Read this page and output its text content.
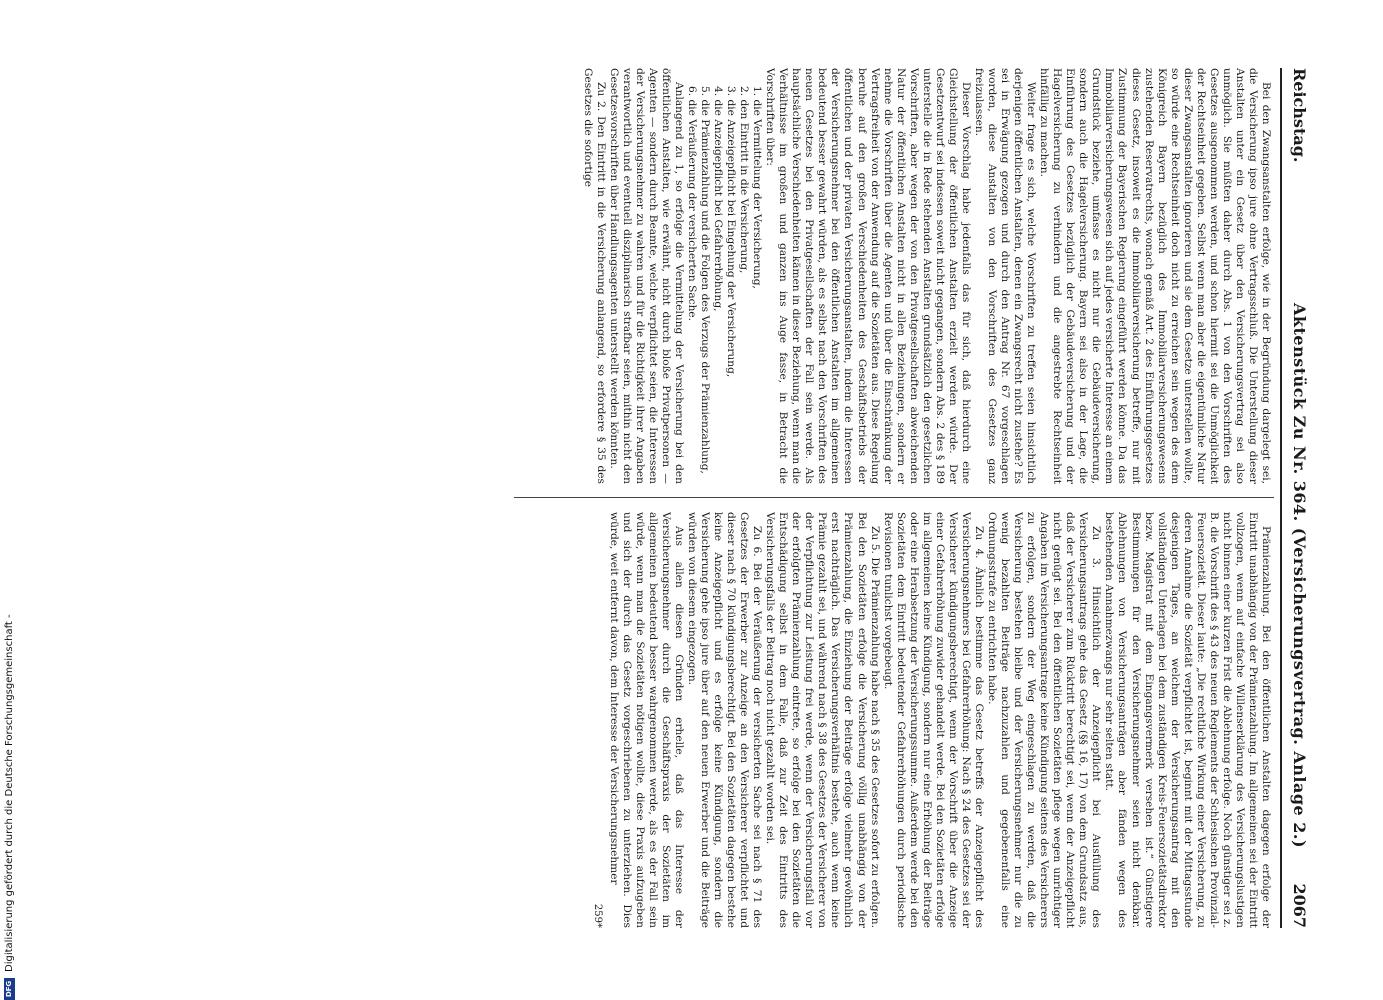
Reichstag.
Aktenstück Zu Nr. 364. (Versicherungsvertrag. Anlage 2.)
2067

Bei den Zwangsanstalten erfolge, wie in der Begründung dargelegt sei, die Versicherung ipso jure ohne Vertragsschluß. Die Unterstellung dieser Anstalten unter ein Gesetz über den Versicherungsvertrag sei also unmöglich. Sie müßten daher durch Abs. 1 von den Vorschriften des Gesetzes ausgenommen werden, und schon hiermit sei die Unmöglichkeit der Rechtseinheit gegeben. Selbst wenn man aber die eigentümliche Natur dieser Zwangsanstalten ignorieren und sie dem Gesetze unterstellen wollte, so würde eine Rechtseinheit doch nicht zu erreichen sein wegen des dem Königreich Bayern bezüglich des Immobiliarversicherungswesens zustehenden Reservatrechts, wonach gemäß Art. 2 des Einführungsgesetzes dieses Gesetz, insoweit es die Immobiliarversicherung betreffe, nur mit Zustimmung der Bayerischen Regierung eingeführt werden könne. Da das Immobiliarversicherungswesen sich auf jedes versicherte Interesse an einem Grundstück beziehe, umfasse es nicht nur die Gebäudeversicherung, sondern auch die Hagelversicherung. Bayern sei also in der Lage, die Einführung des Gesetzes bezüglich der Gebäudeversicherung und der Hagelversicherung zu verhindern und die angestrebte Rechtseinheit hinfällig zu machen.

Weiter frage es sich, welche Vorschriften zu treffen seien hinsichtlich derjenigen öffentlichen Anstalten, denen ein Zwangsrecht nicht zustehe? Es sei in Erwägung gezogen und durch den Antrag Nr. 67 vorgeschlagen worden, diese Anstalten von den Vorschriften des Gesetzes ganz freizulassen.

Dieser Vorschlag habe jedenfalls das für sich, daß hierdurch eine Gleichstellung der öffentlichen Anstalten erzielt werden würde. Der Gesetzentwurf sei indessen soweit nicht gegangen, sondern Abs. 2 des § 189 unterstelle die in Rede stehenden Anstalten grundsätzlich den gesetzlichen Vorschriften, aber wegen der von den Privatgesellschaften abweichenden Natur der öffentlichen Anstalten nicht in allen Beziehungen, sondern er nehme die Vorschriften über die Agenten und über die Einschränkung der Vertragsfreiheit von der Anwendung auf die Sozietäten aus. Diese Regelung beruhe auf den großen Verschiedenheiten des Geschäftsbetriebs der öffentlichen und der privaten Versicherungsanstalten, indem die Interessen der Versicherungsnehmer bei den öffentlichen Anstalten im allgemeinen bedeutend besser gewahrt würden, als es selbst nach den Vorschriften des neuen Gesetzes bei den Privatgesellschaften der Fall sein werde. Als hauptsächliche Verschiedenheiten kämen in dieser Beziehung, wenn man die Verhältnisse im großen und ganzen ins Auge fasse, in Betracht die Vorschriften über:

1. die Vermittelung der Versicherung,

2. den Eintritt in die Versicherung,

3. die Anzeigepflicht bei Eingehung der Versicherung,

4. die Anzeigepflicht bei Gefahrerhöhung,

5. die Prämienzahlung und die Folgen des Verzugs der Prämienzahlung,

6. die Veräußerung der versicherten Sache.

Anlangend zu 1, so erfolge die Vermittelung der Versicherung bei den öffentlichen Anstalten, wie erwähnt, nicht durch bloße Privatpersonen — Agenten — sondern durch Beamte, welche verpflichtet seien, die Interessen der Versicherungsnehmer zu wahren und für die Richtigkeit ihrer Angaben verantwortlich und eventuell disziplinarisch strafbar seien, mithin nicht den Gesetzesvorschriften über Handlungsagenten unterstellt werden könnten.

Zu 2. Den Eintritt in die Versicherung anlangend, so erfordere § 35 des Gesetzes die sofortige

Prämienzahlung. Bei den öffentlichen Anstalten dagegen erfolge der Eintritt unabhängig von der Prämienzahlung. Im allgemeinen sei der Eintritt vollzogen, wenn auf einfache Willenserklärung des Versicherungslustigen nicht binnen einer kurzen Frist die Ablehnung erfolge. Noch günstiger sei z. B. die Vorschrift des § 43 des neuen Reglements der Schlesischen Provinzial-Feuersozietät. Dieser laute: „Die rechtliche Wirkung einer Versicherung, zu deren Annahme die Sozietät verpflichtet ist, beginnt mit der Mittagsstunde desjenigen Tages, an welchem der Versicherungsantrag mit den vollständigen Unterlagen bei dem zuständigen Kreis-Feuersozietätsdirektor bezw. Magistrat mit dem Eingangsvermerk versehen ist.“ Günstigere Bestimmungen für den Versicherungsnehmer seien nicht denkbar. Ablehnungen von Versicherungsanträgen aber fänden wegen des bestehenden Annahmezwangs nur sehr selten statt.

Zu 3. Hinsichtlich der Anzeigepflicht bei Ausfüllung des Versicherungsantrags gehe das Gesetz (§§ 16, 17) von dem Grundsatz aus, daß der Versicherer zum Rücktritt berechtigt sei, wenn der Anzeigepflicht nicht genügt sei. Bei den öffentlichen Sozietäten pflege wegen unrichtiger Angaben im Versicherungsantrage keine Kündigung seitens des Versicherers zu erfolgen, sondern der Weg eingeschlagen zu werden, daß die Versicherung bestehen bleibe und der Versicherungsnehmer nur die zu wenig bezahlten Beiträge nachzuzahlen und gegebenenfalls eine Ordnungsstrafe zu entrichten habe.

Zu 4. Ähnlich bestimme das Gesetz betreffs der Anzeigepflicht des Versicherungsnehmers bei Gefahrerhöhung: Nach § 24 des Gesetzes sei der Versicherer kündigungsberechtigt, wenn der Vorschrift über die Anzeige einer Gefahrerhöhung zuwider gehandelt werde. Bei den Sozietäten erfolge im allgemeinen keine Kündigung, sondern nur eine Erhöhung der Beiträge oder eine Herabsetzung der Versicherungssumme. Außerdem werde bei den Sozietäten dem Eintritt bedeutender Gefahrerhöhungen durch periodische Revisionen tunlichst vorgebeugt.

Zu 5. Die Prämienzahlung habe nach § 35 des Gesetzes sofort zu erfolgen. Bei den Sozietäten erfolge die Versicherung völlig unabhängig von der Prämienzahlung, die Einziehung der Beiträge erfolge vielmehr gewöhnlich erst nachträglich. Das Versicherungsverhältnis bestehe, auch wenn keine Prämie gezahlt sei, und während nach § 38 des Gesetzes der Versicherer von der Verpflichtung zur Leistung frei werde, wenn der Versicherungsfall vor der erfolgten Prämienzahlung eintrete, so erfolge bei den Sozietäten die Entschädigung selbst in dem Falle, daß zur Zeit des Eintritts des Versicherungsfalls der Beitrag noch nicht gezahlt worden sei.

Zu 6. Bei der Veräußerung der versicherten Sache sei nach § 71 des Gesetzes der Erwerber zur Anzeige an den Versicherer verpflichtet und dieser nach § 70 kündigungsberechtigt. Bei den Sozietäten dagegen bestehe keine Anzeigepflicht und es erfolge keine Kündigung, sondern die Versicherung gehe ipso jure über auf den neuen Erwerber und die Beiträge würden von diesem eingezogen.

Aus allen diesen Gründen erhelle, daß das Interesse der Versicherungsnehmer durch die Geschäftspraxis der Sozietäten im allgemeinen bedeutend besser wahrgenommen werde, als es der Fall sein würde, wenn man die Sozietäten nötigen wollte, diese Praxis aufzugeben und sich der durch das Gesetz vorgeschriebenen zu unterziehen. Dies würde, weit entfernt davon, dem Interesse der Versicherungsnehmer

259*

DFG
Digitalisierung gefördert durch die Deutsche Forschungsgemeinschaft -
